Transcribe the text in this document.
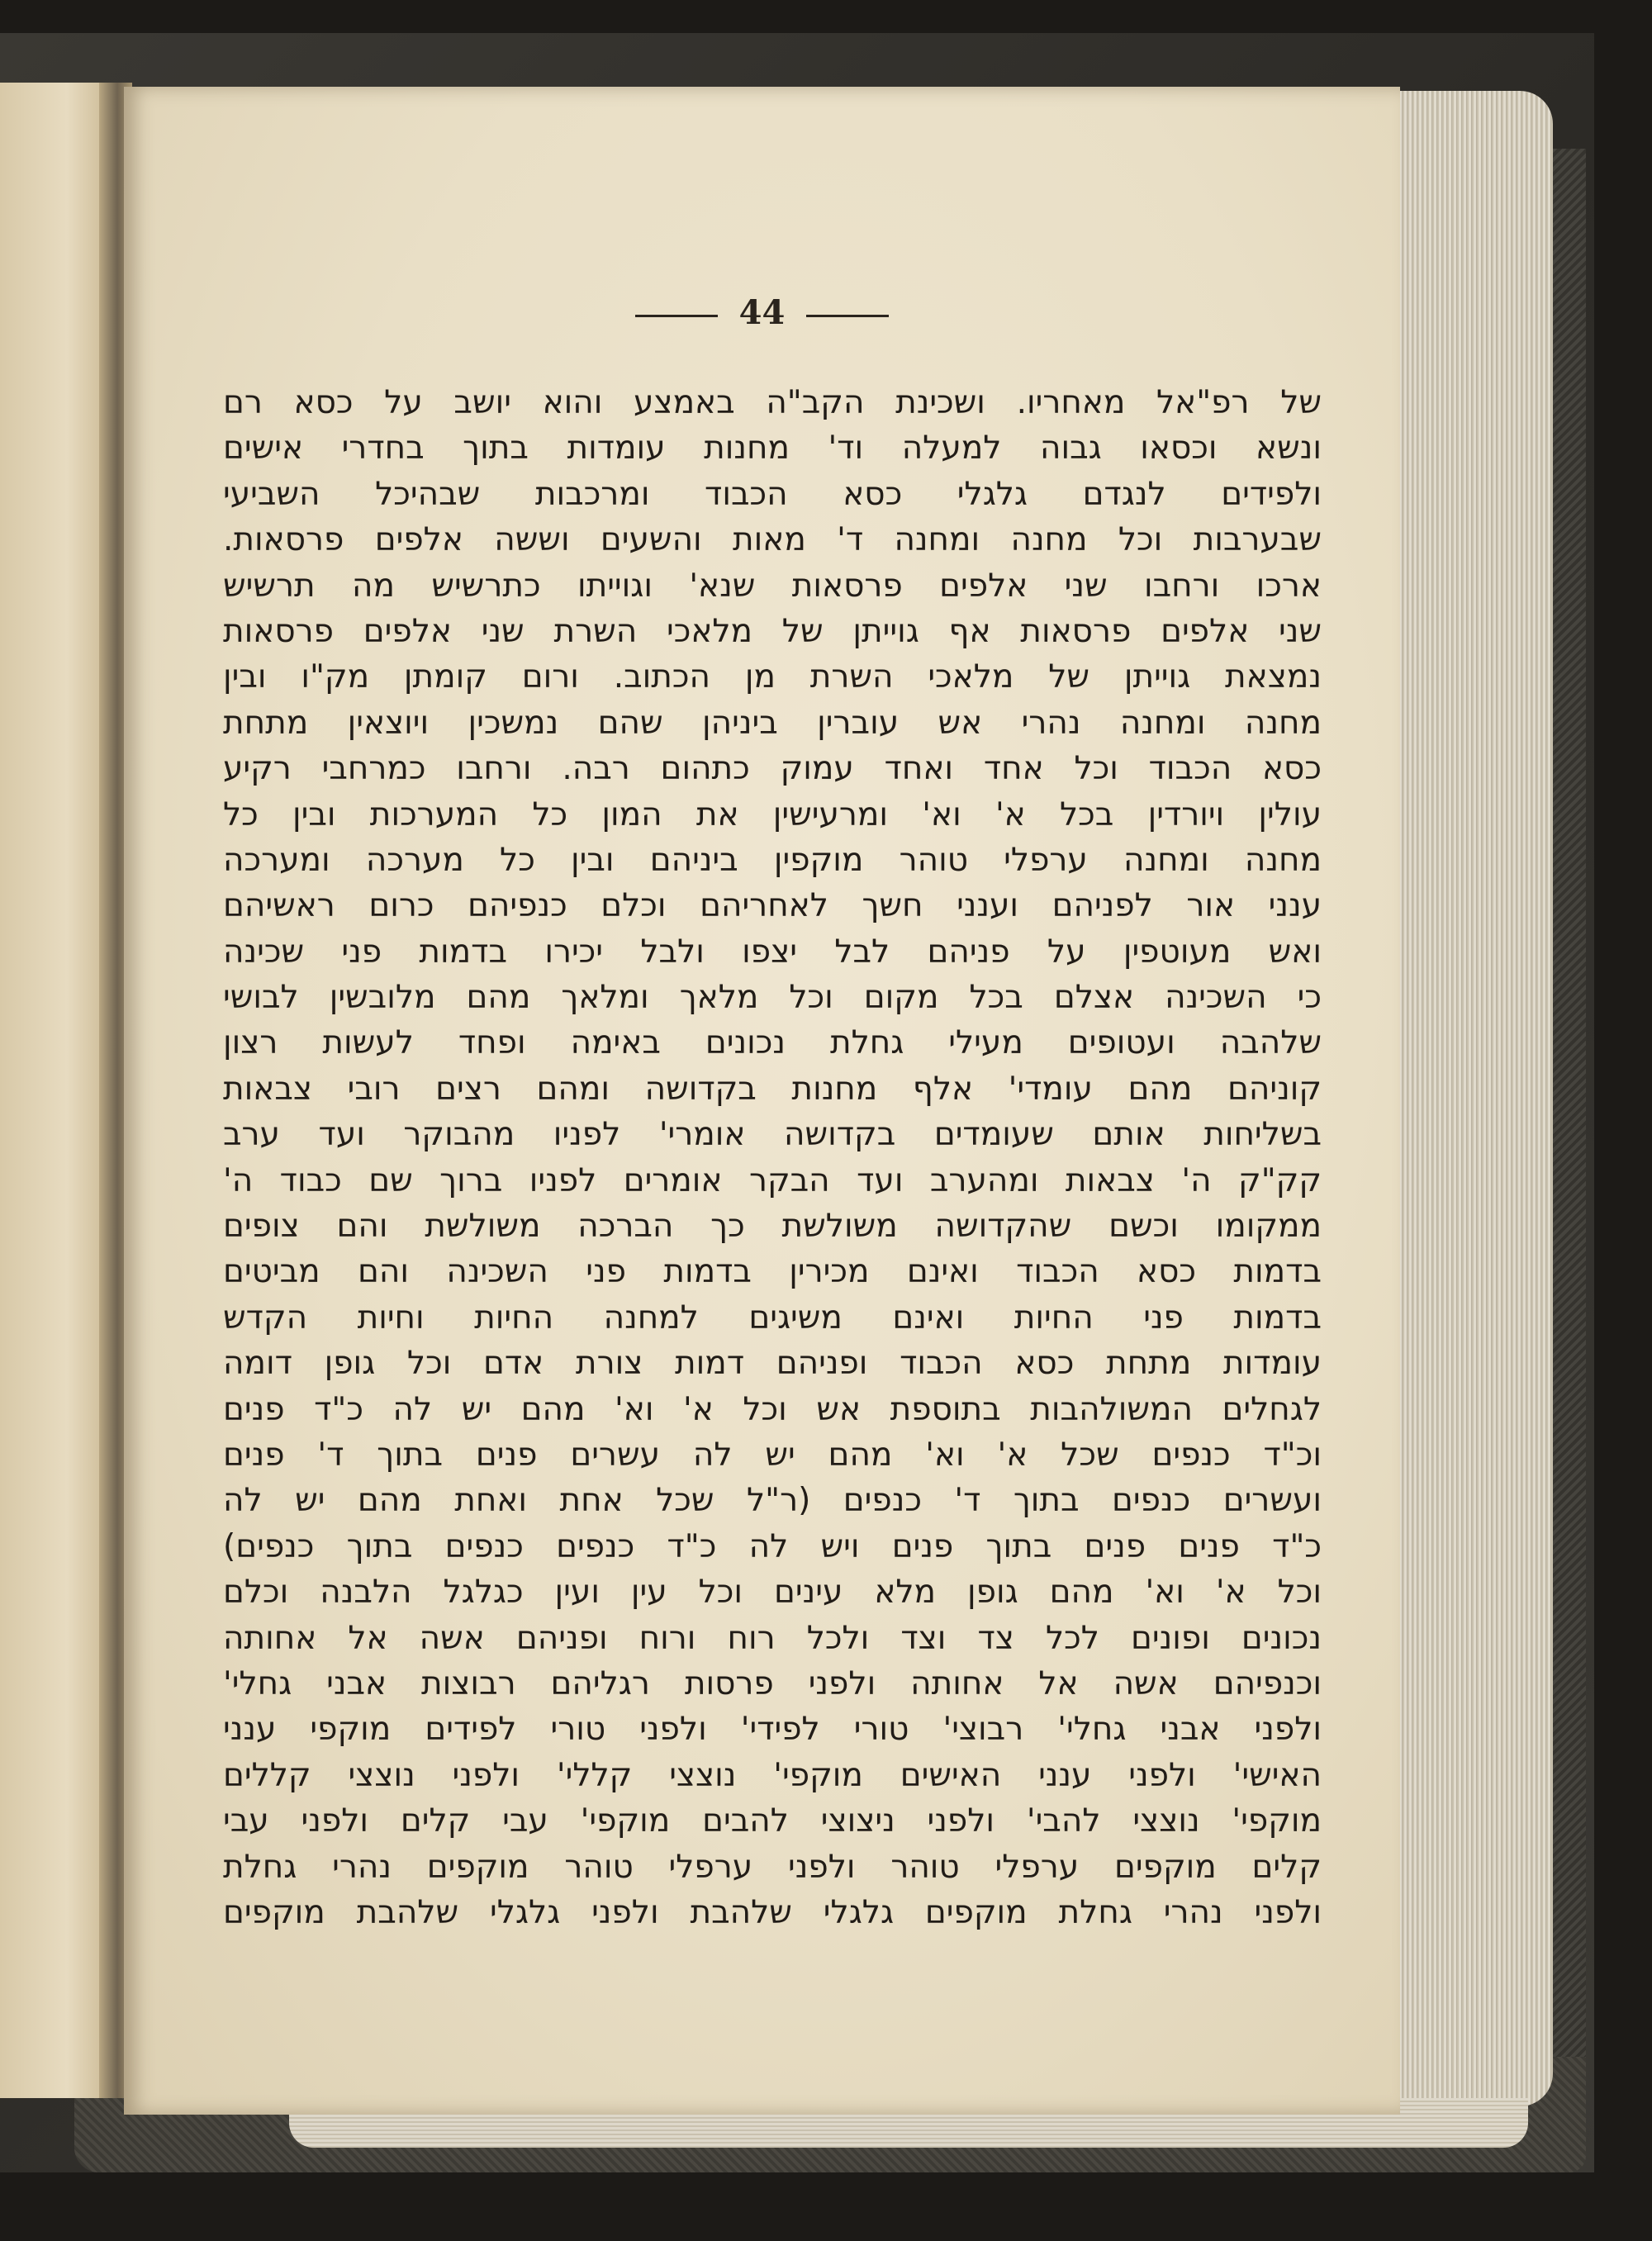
44
של רפ"אל מאחריו. ושכינת הקב"ה באמצע והוא יושב על כסא רם
ונשא וכסאו גבוה למעלה וד' מחנות עומדות בתוך בחדרי אישים
ולפידים לנגדם גלגלי כסא הכבוד ומרכבות שבהיכל השביעי
שבערבות וכל מחנה ומחנה ד' מאות והשעים וששה אלפים פרסאות.
ארכו ורחבו שני אלפים פרסאות שנא' וגוייתו כתרשיש מה תרשיש
שני אלפים פרסאות אף גוייתן של מלאכי השרת שני אלפים פרסאות
נמצאת גוייתן של מלאכי השרת מן הכתוב. ורום קומתן מק"ו ובין
מחנה ומחנה נהרי אש עוברין ביניהן שהם נמשכין ויוצאין מתחת
כסא הכבוד וכל אחד ואחד עמוק כתהום רבה. ורחבו כמרחבי רקיע
עולין ויורדין בכל א' וא' ומרעישין את המון כל המערכות ובין כל
מחנה ומחנה ערפלי טוהר מוקפין ביניהם ובין כל מערכה ומערכה
ענני אור לפניהם וענני חשך לאחריהם וכלם כנפיהם כרום ראשיהם
ואש מעוטפין על פניהם לבל יצפו ולבל יכירו בדמות פני שכינה
כי השכינה אצלם בכל מקום וכל מלאך ומלאך מהם מלובשין לבושי
שלהבה ועטופים מעילי גחלת נכונים באימה ופחד לעשות רצון
קוניהם מהם עומדי' אלף מחנות בקדושה ומהם רצים רובי צבאות
בשליחות אותם שעומדים בקדושה אומרי' לפניו מהבוקר ועד ערב
קק"ק ה' צבאות ומהערב ועד הבקר אומרים לפניו ברוך שם כבוד ה'
ממקומו וכשם שהקדושה משולשת כך הברכה משולשת והם צופים
בדמות כסא הכבוד ואינם מכירין בדמות פני השכינה והם מביטים
בדמות פני החיות ואינם משיגים למחנה החיות וחיות הקדש
עומדות מתחת כסא הכבוד ופניהם דמות צורת אדם וכל גופן דומה
לגחלים המשולהבות בתוספת אש וכל א' וא' מהם יש לה כ"ד פנים
וכ"ד כנפים שכל א' וא' מהם יש לה עשרים פנים בתוך ד' פנים
ועשרים כנפים בתוך ד' כנפים (ר"ל שכל אחת ואחת מהם יש לה
כ"ד פנים פנים בתוך פנים ויש לה כ"ד כנפים כנפים בתוך כנפים)
וכל א' וא' מהם גופן מלא עינים וכל עין ועין כגלגל הלבנה וכלם
נכונים ופונים לכל צד וצד ולכל רוח ורוח ופניהם אשה אל אחותה
וכנפיהם אשה אל אחותה ולפני פרסות רגליהם רבוצות אבני גחלי'
ולפני אבני גחלי' רבוצי' טורי לפידי' ולפני טורי לפידים מוקפי ענני
האישי' ולפני ענני האישים מוקפי' נוצצי קללי' ולפני נוצצי קללים
מוקפי' נוצצי להבי' ולפני ניצוצי להבים מוקפי' עבי קלים ולפני עבי
קלים מוקפים ערפלי טוהר ולפני ערפלי טוהר מוקפים נהרי גחלת
ולפני נהרי גחלת מוקפים גלגלי שלהבת ולפני גלגלי שלהבת מוקפים
